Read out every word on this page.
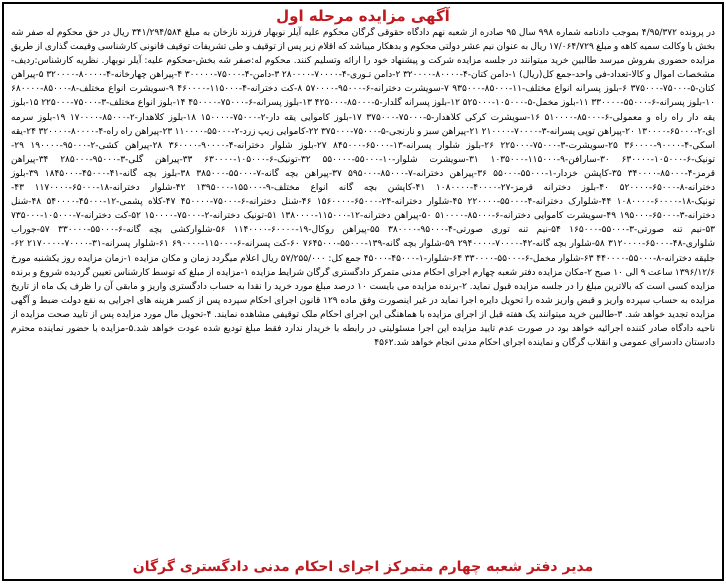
آگهی مزایده مرحله اول
در پرونده ۴/۹۵/۳۷۲ بموجب دادنامه شماره ۹۹۸ سال ۹۵ صادره از شعبه نهم دادگاه حقوقی گرگان محکوم علیه آیلر نوبهار فرزند نازخان به مبلغ ۳۴۱/۲۹۴/۵۸۴ ریال در حق محکوم له صفر شه بخش با وکالت سمیه کاهه و مبلغ ۱۷/۰۶۴/۷۲۹ ریال به عنوان نیم عشر دولتی محکوم و بدهکار میباشد که اقلام زیر پس از توقیف و طی تشریفات توقیف قانونی کارشناسی وقیمت گذاری از طریق مزایده حضوری بفروش میرسد طالبین خرید میتوانند در جلسه مزایده شرکت و پیشنهاد خود را ارائه وتسلیم کنند. محکوم له:صفر شه بخش-محکوم علیه: آیلر نوبهار. نظریه کارشناس:ردیف-مشخصات اموال و کالا-تعداد-فی واحد-جمع کل(ریال) ۱-دامن کتان-۴-۸۰۰۰۰-۳۲۰۰۰۰ ۲-دامن تـوری-۴-۷۰۰۰۰-۲۸۰۰۰۰ ۳-دامن-۴-۷۵۰۰۰-۳۰۰۰۰۰ ۴-پیراهن چهارخانه-۴-۸۰۰۰۰-۳۲۰۰۰۰ ۵-پیراهن کتان-۵-۷۵۰۰۰-۳۷۵۰۰۰ ۶-بلوز پسرانه انواع مختلف-۱۱-۸۵۰۰۰-۹۳۵۰۰۰ ۷-سویشرت دخترانه-۶-۹۵۰۰۰-۵۷۰۰۰۰ ۸-کت دخترانه-۴-۱۱۵۰۰۰-۴۶۰۰۰۰ ۹-سویشرت انواع مختلف-۸-۸۵۰۰۰-۶۸۰۰۰۰ ۱۰-بلوز پسرانه-۶-۵۵۰۰۰-۳۳۰۰۰۰ ۱۱-بلوز مخمل-۵-۱۰۵۰۰۰-۵۲۵۰۰۰ ۱۲-بلوز پسرانه گلدار-۵-۸۵۰۰۰-۴۲۵۰۰۰ ۱۳-بلوز پسرانه-۶-۷۵۰۰۰-۴۵۰۰۰۰ ۱۴-بلوز انواع مختلف-۳-۷۵۰۰۰-۲۲۵۰۰۰ ۱۵-بلوز یقه دار راه راه و معمولی-۶-۸۵۰۰۰-۵۱۰۰۰۰ ۱۶-سویشرت کرکی کلاهدار-۵-۷۵۰۰۰-۳۷۵۰۰۰ ۱۷-بلوز کاموایی یقه دار-۲-۷۵۰۰۰-۱۵۰۰۰۰ ۱۸-بلوز کلاهدار-۲-۸۵۰۰۰-۱۷۰۰۰۰ ۱۹-بلوز سرمه ای-۲-۶۵۰۰۰-۱۳۰۰۰۰ ۲۰-پیراهن توپی پسرانه-۳-۷۰۰۰۰-۲۱۰۰۰۰ ۲۱-پیراهن سبز و نارنجی-۵-۷۵۰۰۰-۳۷۵۰۰۰ ۲۲-کاموایی زیپ زرد-۲-۵۵۰۰۰-۱۱۰۰۰۰ ۲۳-پیراهن راه راه-۴-۸۰۰۰۰-۳۲۰۰۰۰ ۲۴-یقه اسکی-۴-۹۰۰۰۰-۳۶۰۰۰۰ ۲۵-سویشرت-۳-۷۵۰۰۰-۲۲۵۰۰۰ ۲۶-بلوز شلوار پسرانه-۱۳-۶۵۰۰۰-۸۴۵۰۰۰ ۲۷-بلوز شلوار دخترانه-۴-۹۰۰۰۰-۳۶۰۰۰۰ ۲۸-پیراهن کشی-۲-۹۵۰۰۰-۱۹۰۰۰۰ ۲۹-تونیک-۶-۱۰۵۰۰۰-۶۳۰۰۰۰ ۳۰-سارافن-۹-۱۱۵۰۰۰-۱۰۳۵۰۰۰ ۳۱-سویشرت شلوار-۱۰-۵۵۰۰۰-۵۵۰۰۰۰ ۳۲-تونیک-۶-۱۰۵۰۰۰-۶۳۰۰۰۰ ۳۳-پیراهن گلی-۳-۹۵۰۰۰-۲۸۵۰۰۰ ۳۴-پیراهن قرمز-۴-۸۵۰۰۰-۳۴۰۰۰۰ ۳۵-کاپشن خزدار-۱-۵۵۰۰۰-۵۵۰۰۰ ۳۶-پیراهن دخترانه-۷-۸۵۰۰۰-۵۹۵۰۰۰ ۳۷-پیراهن بچه گانه-۷-۵۵۰۰۰-۳۸۵۰۰۰ ۳۸-بلوز بچه گانه-۴۱-۴۵۰۰۰-۱۸۴۵۰۰۰ ۳۹-بلوز دخترانه-۸-۶۵۰۰۰-۵۲۰۰۰۰ ۴۰-بلوز دخترانه قرمز-۲۷-۴۰۰۰۰-۱۰۸۰۰۰۰ ۴۱-کاپشن بچه گانه انواع مختلف-۹-۱۵۵۰۰۰-۱۳۹۵۰۰۰ ۴۲-شلوار دخترانه-۱۸-۶۵۰۰۰-۱۱۷۰۰۰۰ ۴۳-تونیک-۱۸-۶۰۰۰۰-۱۰۸۰۰۰۰ ۴۴-شلوارک دخترانه-۴-۵۵۰۰۰-۲۲۰۰۰۰ ۴۵-شلوار دخترانه-۲۴-۶۵۰۰۰-۱۵۶۰۰۰۰ ۴۶-شنل دخترانه-۶-۷۵۰۰۰-۴۵۰۰۰۰ ۴۷-کلاه پشمی-۱۲-۴۵۰۰۰-۵۴۰۰۰۰ ۴۸-شنل دخترانه-۳-۶۵۰۰۰-۱۹۵۰۰۰ ۴۹-سویشرت کاموایی دخترانه-۶-۸۵۰۰۰-۵۱۰۰۰۰ ۵۰-پیراهن دخترانه-۱۲-۱۱۵۰۰۰-۱۳۸۰۰۰۰ ۵۱-تونیک دخترانه-۲-۷۵۰۰۰-۱۵۰۰۰۰ ۵۲-کت دخترانه-۷-۱۰۵۰۰۰-۷۳۵۰۰۰ ۵۳-نیم تنه صورتی-۳-۵۵۰۰۰-۱۶۵۰۰۰ ۵۴-نیم تنه توری صورتی-۴-۹۵۰۰۰-۳۸۰۰۰۰ ۵۵-پیراهن روکال-۱۹-۶۰۰۰۰-۱۱۴۰۰۰۰ ۵۶-شلوارکشی بچه گانه-۶-۵۵۰۰۰-۳۳۰۰۰۰ ۵۷-جوراب شلواری-۴۸-۶۵۰۰۰-۳۱۲۰۰۰۰ ۵۸-شلوار بچه گانه-۴۲-۷۰۰۰۰-۲۹۴۰۰۰۰ ۵۹-شلوار بچه گانه-۱۳۹-۵۵۰۰۰-۷۶۴۵۰۰۰ ۶۰-کت پسرانه-۶-۱۱۵۰۰۰-۶۹۰۰۰۰ ۶۱-شلوار پسرانه-۳۱-۷۰۰۰۰-۲۱۷۰۰۰۰ ۶۲-جلیقه دخترانه-۸-۵۵۰۰۰-۴۴۰۰۰۰ ۶۳-شلوار مخمل-۶-۵۵۰۰۰-۳۳۰۰۰۰ ۶۴-شلوار-۱-۴۵۰۰۰-۴۵۰۰۰ جمع کل: ۵۷/۲۵۵/۰۰۰ ریال اعلام میگردد زمان و مکان مزایده ۱-زمان مزایده روز یکشنبه مورخ ۱۳۹۶/۱۲/۶ ساعت ۹ الی ۱۰ صبح ۲-مکان مزایده دفتر شعبه چهارم اجرای احکام مدنی متمرکز دادگستری گرگان شرایط مزایده ۱-مزایده از مبلغ که توسط کارشناس تعیین گردیده شروع و برنده مزایده کسی است که بالاترین مبلغ را در جلسه مزایده قبول نماید. ۲-برنده مزایده می بایست ۱۰ درصد مبلغ مورد خرید را نقدا به حساب دادگستری واریز و مابقی آن را ظرف یک ماه از تاریخ مزایده به حساب سپرده واریز و قبض واریز شده را تحویل دایره اجرا نماید در غیر اینصورت وفق ماده ۱۲۹ قانون اجرای احکام سپرده پس از کسر هزینه های اجرایی به نفع دولت ضبط و آگهی مزایده تجدید خواهد شد. ۳-طالبین خرید میتوانند یک هفته قبل از اجرای مزایده با هماهنگی این اجرای احکام ملک توقیفی مشاهده نمایند. ۴-تحویل مال مورد مزایده پس از تایید صحت مزایده از ناحیه دادگاه صادر کننده اجرائیه خواهد بود در صورت عدم تایید مزایده این اجرا مسئولیتی در رابطه با خریدار ندارد فقط مبلغ تودیع شده عودت خواهد شد.۵-مزایده با حضور نماینده محترم دادستان دادسرای عمومی و انقلاب گرگان و نماینده اجرای احکام مدنی انجام خواهد شد.۴۵۶۲
مدیر دفتر شعبه چهارم متمرکز اجرای احکام مدنی دادگستری گرگان
